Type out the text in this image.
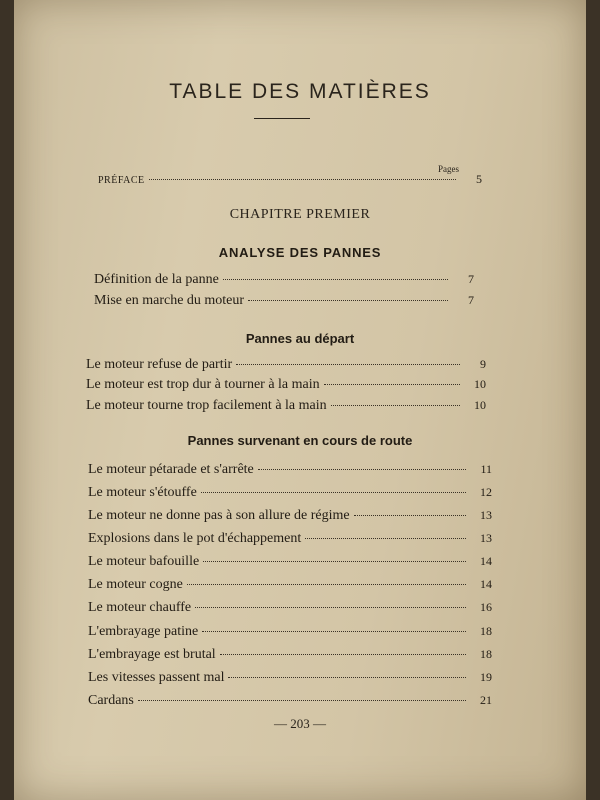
TABLE DES MATIÈRES
Pages
PRÉFACE	5
CHAPITRE PREMIER
ANALYSE DES PANNES
Définition de la panne	7
Mise en marche du moteur	7
Pannes au départ
Le moteur refuse de partir	9
Le moteur est trop dur à tourner à la main	10
Le moteur tourne trop facilement à la main	10
Pannes survenant en cours de route
Le moteur pétarade et s'arrête	11
Le moteur s'étouffe	12
Le moteur ne donne pas à son allure de régime	13
Explosions dans le pot d'échappement	13
Le moteur bafouille	14
Le moteur cogne	14
Le moteur chauffe	16
L'embrayage patine	18
L'embrayage est brutal	18
Les vitesses passent mal	19
Cardans	21
— 203 —
